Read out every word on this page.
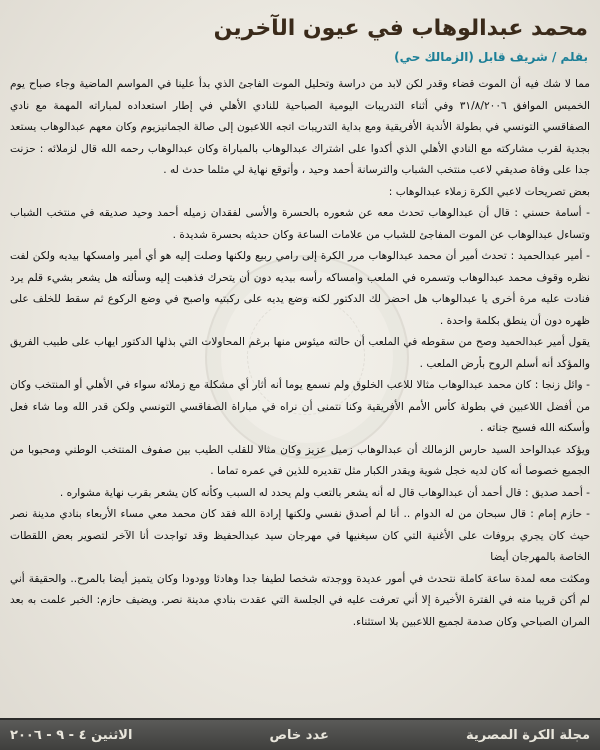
محمد عبدالوهاب في عيون الآخرين
بقلم / شريف قابل (الزمالك حي)

مما لا شك فيه أن الموت قضاء وقدر لكن لابد من دراسة وتحليل الموت الفاجئ الذي بدأ علينا في المواسم الماضية وجاء صباح يوم الخميس الموافق ٣١/٨/٢٠٠٦ وفي أثناء التدريبات اليومية الصباحية للنادي الأهلي في إطار استعداده لمباراته المهمة مع نادي الصفاقسي التونسي في بطولة الأندية الأفريقية ومع بداية التدريبات اتجه اللاعبون إلى صالة الجمانيزيوم وكان معهم عبدالوهاب يستعد بجدية لقرب مشاركته مع النادي الأهلي الذي أكدوا على اشتراك عبدالوهاب بالمباراة وكان عبدالوهاب رحمه الله قال لزملائه : حزنت جدا على وفاة صديقي لاعب منتخب الشباب والترسانة أحمد وحيد ، وأتوقع نهاية لي مثلما حدث له .

بعض تصريحات لاعبي الكرة زملاء عبدالوهاب :

- أسامة حسني : قال أن عبدالوهاب تحدث معه عن شعوره بالحسرة والأسى لفقدان زميله أحمد وحيد صديقه في منتخب الشباب وتساءل عبدالوهاب عن الموت المفاجئ للشباب من علامات الساعة وكان حديثه بحسرة شديدة .

- أمير عبدالحميد : تحدث أمير أن محمد عبدالوهاب مرر الكرة إلى رامي ربيع ولكنها وصلت إليه هو أي أمير وامسكها بيديه ولكن لفت نظره وقوف محمد عبدالوهاب وتسمره في الملعب وامساكه رأسه بيديه دون أن يتحرك فذهبت إليه وسألته هل يشعر بشيء قلم يرد فنادت عليه مرة أخرى يا عبدالوهاب هل احضر لك الدكتور لكنه وضع يديه على ركبتيه واصبح في وضع الركوع ثم سقط للخلف على ظهره دون أن ينطق بكلمة واحدة .

يقول أمير عبدالحميد وصح من سقوطه في الملعب أن حالته ميئوس منها برغم المحاولات التي بذلها الدكتور ايهاب على طبيب الفريق والمؤكد أنه أسلم الروح بأرض الملعب .

- وائل زنجا : كان محمد عبدالوهاب مثالا للاعب الخلوق ولم نسمع يوما أنه أثار أي مشكلة مع زملائه سواء في الأهلي أو المنتخب وكان من أفضل اللاعبين في بطولة كأس الأمم الأفريقية وكنا نتمنى أن نراه في مباراة الصفاقسي التونسي ولكن قدر الله وما شاء فعل وأسكنه الله فسيح جناته .

ويؤكد عبدالواحد السيد حارس الزمالك أن عبدالوهاب زميل عزيز وكان مثالا للقلب الطيب بين صفوف المنتخب الوطني ومحبوبا من الجميع خصوصا أنه كان لديه خجل شوية ويقدر الكبار مثل تقديره للذين في عمره تماما .

- أحمد صديق : قال أحمد أن عبدالوهاب قال له أنه يشعر بالتعب ولم يحدد له السبب وكأنه كان يشعر بقرب نهاية مشواره .

- حازم إمام : قال سبحان من له الدوام .. أنا لم أصدق نفسي ولكنها إرادة الله فقد كان محمد معي مساء الأربعاء بنادي مدينة نصر حيث كان يجري بروفات على الأغنية التي كان سيغنيها في مهرجان سيد عبدالحفيظ وقد تواجدت أنا الآخر لتصوير بعض اللقطات الخاصة بالمهرجان أيضا

ومكثت معه لمدة ساعة كاملة نتحدث في أمور عديدة ووجدته شخصا لطيفا جدا وهادئا وودودا وكان يتميز أيضا بالمرح.. والحقيقة أني لم أكن قريبا منه في الفترة الأخيرة إلا أني تعرفت عليه في الجلسة التي عقدت بنادي مدينة نصر. ويضيف حازم: الخبر علمت به بعد المران الصباحي وكان صدمة لجميع اللاعبين بلا استثناء.

مجلة الكرة المصرية
عدد خاص
الاثنين ٤ - ٩ - ٢٠٠٦
